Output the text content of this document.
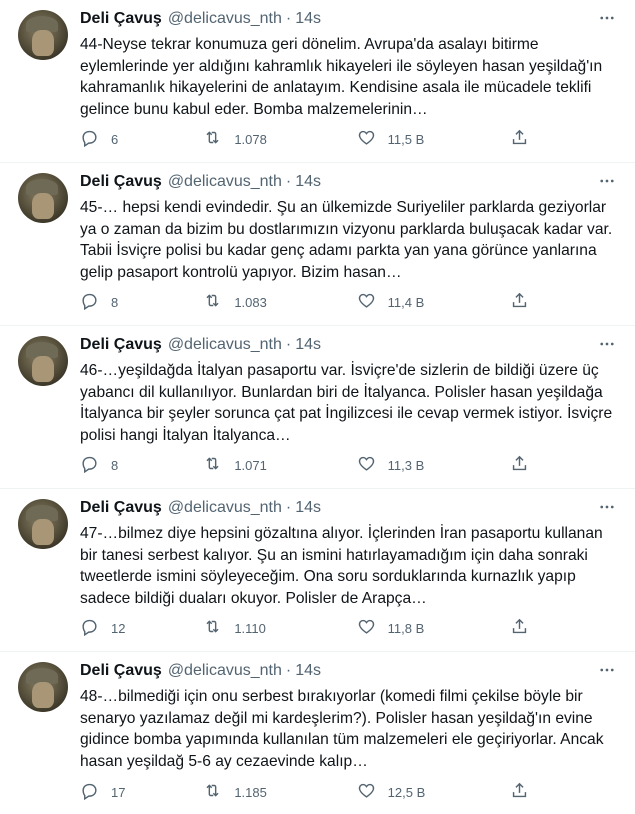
Deli Çavuş @delicavus_nth · 14s
44-Neyse tekrar konumuza geri dönelim. Avrupa'da asalayı bitirme eylemlerinde yer aldığını kahramlık hikayeleri ile söyleyen hasan yeşildağ'ın kahramanlık hikayelerini de anlatayım. Kendisine asala ile mücadele teklifi gelince bunu kabul eder. Bomba malzemelerinin…
6	1.078	11,5 B
Deli Çavuş @delicavus_nth · 14s
45-… hepsi kendi evindedir. Şu an ülkemizde Suriyeliler parklarda geziyorlar ya o zaman da bizim bu dostlarımızın vizyonu parklarda buluşacak kadar var. Tabii İsviçre polisi bu kadar genç adamı parkta yan yana görünce yanlarına gelip pasaport kontrolü yapıyor. Bizim hasan…
8	1.083	11,4 B
Deli Çavuş @delicavus_nth · 14s
46-…yeşildağda İtalyan pasaportu var. İsviçre'de sizlerin de bildiği üzere üç yabancı dil kullanılıyor. Bunlardan biri de İtalyanca. Polisler hasan yeşildağa İtalyanca bir şeyler sorunca çat pat İngilizcesi ile cevap vermek istiyor. İsviçre polisi hangi İtalyan İtalyanca…
8	1.071	11,3 B
Deli Çavuş @delicavus_nth · 14s
47-…bilmez diye hepsini gözaltına alıyor. İçlerinden İran pasaportu kullanan bir tanesi serbest kalıyor. Şu an ismini hatırlayamadığım için daha sonraki tweetlerde ismini söyleyeceğim. Ona soru sorduklarında kurnazlık yapıp sadece bildiği duaları okuyor. Polisler de Arapça…
12	1.110	11,8 B
Deli Çavuş @delicavus_nth · 14s
48-…bilmediği için onu serbest bırakıyorlar (komedi filmi çekilse böyle bir senaryo yazılamaz değil mi kardeşlerim?). Polisler hasan yeşildağ'ın evine gidince bomba yapımında kullanılan tüm malzemeleri ele geçiriyorlar. Ancak hasan yeşildağ 5-6 ay cezaevinde kalıp…
17	1.185	12,5 B
